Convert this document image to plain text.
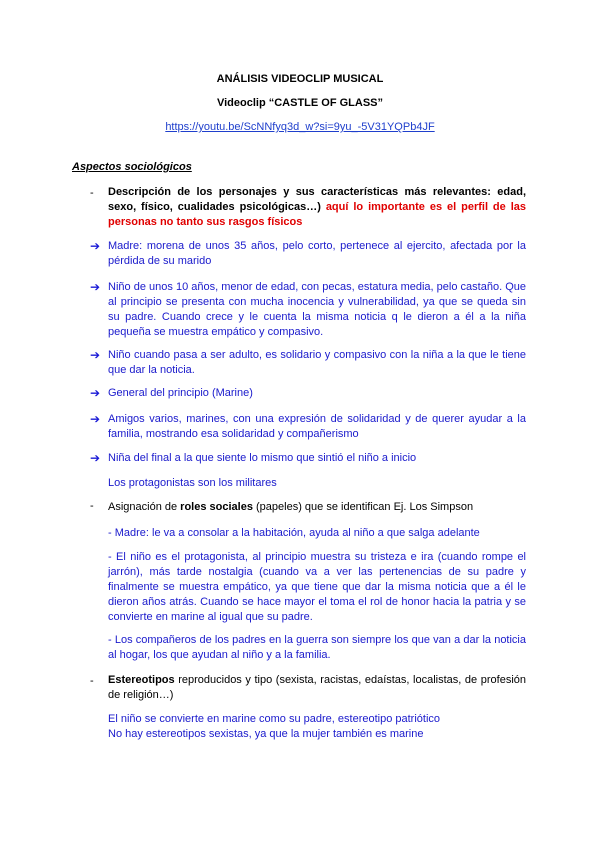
ANÁLISIS VIDEOCLIP MUSICAL
Videoclip “CASTLE OF GLASS”
https://youtu.be/ScNNfyq3d_w?si=9yu_-5V31YQPb4JF
Aspectos sociológicos
-	Descripción de los personajes y sus características más relevantes: edad, sexo, físico, cualidades psicológicas…) aquí lo importante es el perfil de las personas no tanto sus rasgos físicos
➔ Madre: morena de unos 35 años, pelo corto, pertenece al ejercito, afectada por la pérdida de su marido
➔ Niño de unos 10 años, menor de edad, con pecas, estatura media, pelo castaño. Que al principio se presenta con mucha inocencia y vulnerabilidad, ya que se queda sin su padre. Cuando crece y le cuenta la misma noticia q le dieron a él a la niña pequeña se muestra empático y compasivo.
➔ Niño cuando pasa a ser adulto, es solidario y compasivo con la niña a la que le tiene que dar la noticia.
➔ General del principio (Marine)
➔ Amigos varios, marines, con una expresión de solidaridad y de querer ayudar a la familia, mostrando esa solidaridad y compañerismo
➔ Niña del final a la que siente lo mismo que sintió el niño a inicio
Los protagonistas son los militares
-	Asignación de roles sociales (papeles) que se identifican Ej. Los Simpson
- Madre: le va a consolar a la habitación, ayuda al niño a que salga adelante
- El niño es el protagonista, al principio muestra su tristeza e ira (cuando rompe el jarrón), más tarde nostalgia (cuando va a ver las pertenencias de su padre y finalmente se muestra empático, ya que tiene que dar la misma noticia que a él le dieron años atrás. Cuando se hace mayor el toma el rol de honor hacia la patria y se convierte en marine al igual que su padre.
- Los compañeros de los padres en la guerra son siempre los que van a dar la noticia al hogar, los que ayudan al niño y a la familia.
-	Estereotipos reproducidos y tipo (sexista, racistas, edaístas, localistas, de profesión de religión…)
El niño se convierte en marine como su padre, estereotipo patriótico
No hay estereotipos sexistas, ya que la mujer también es marine
